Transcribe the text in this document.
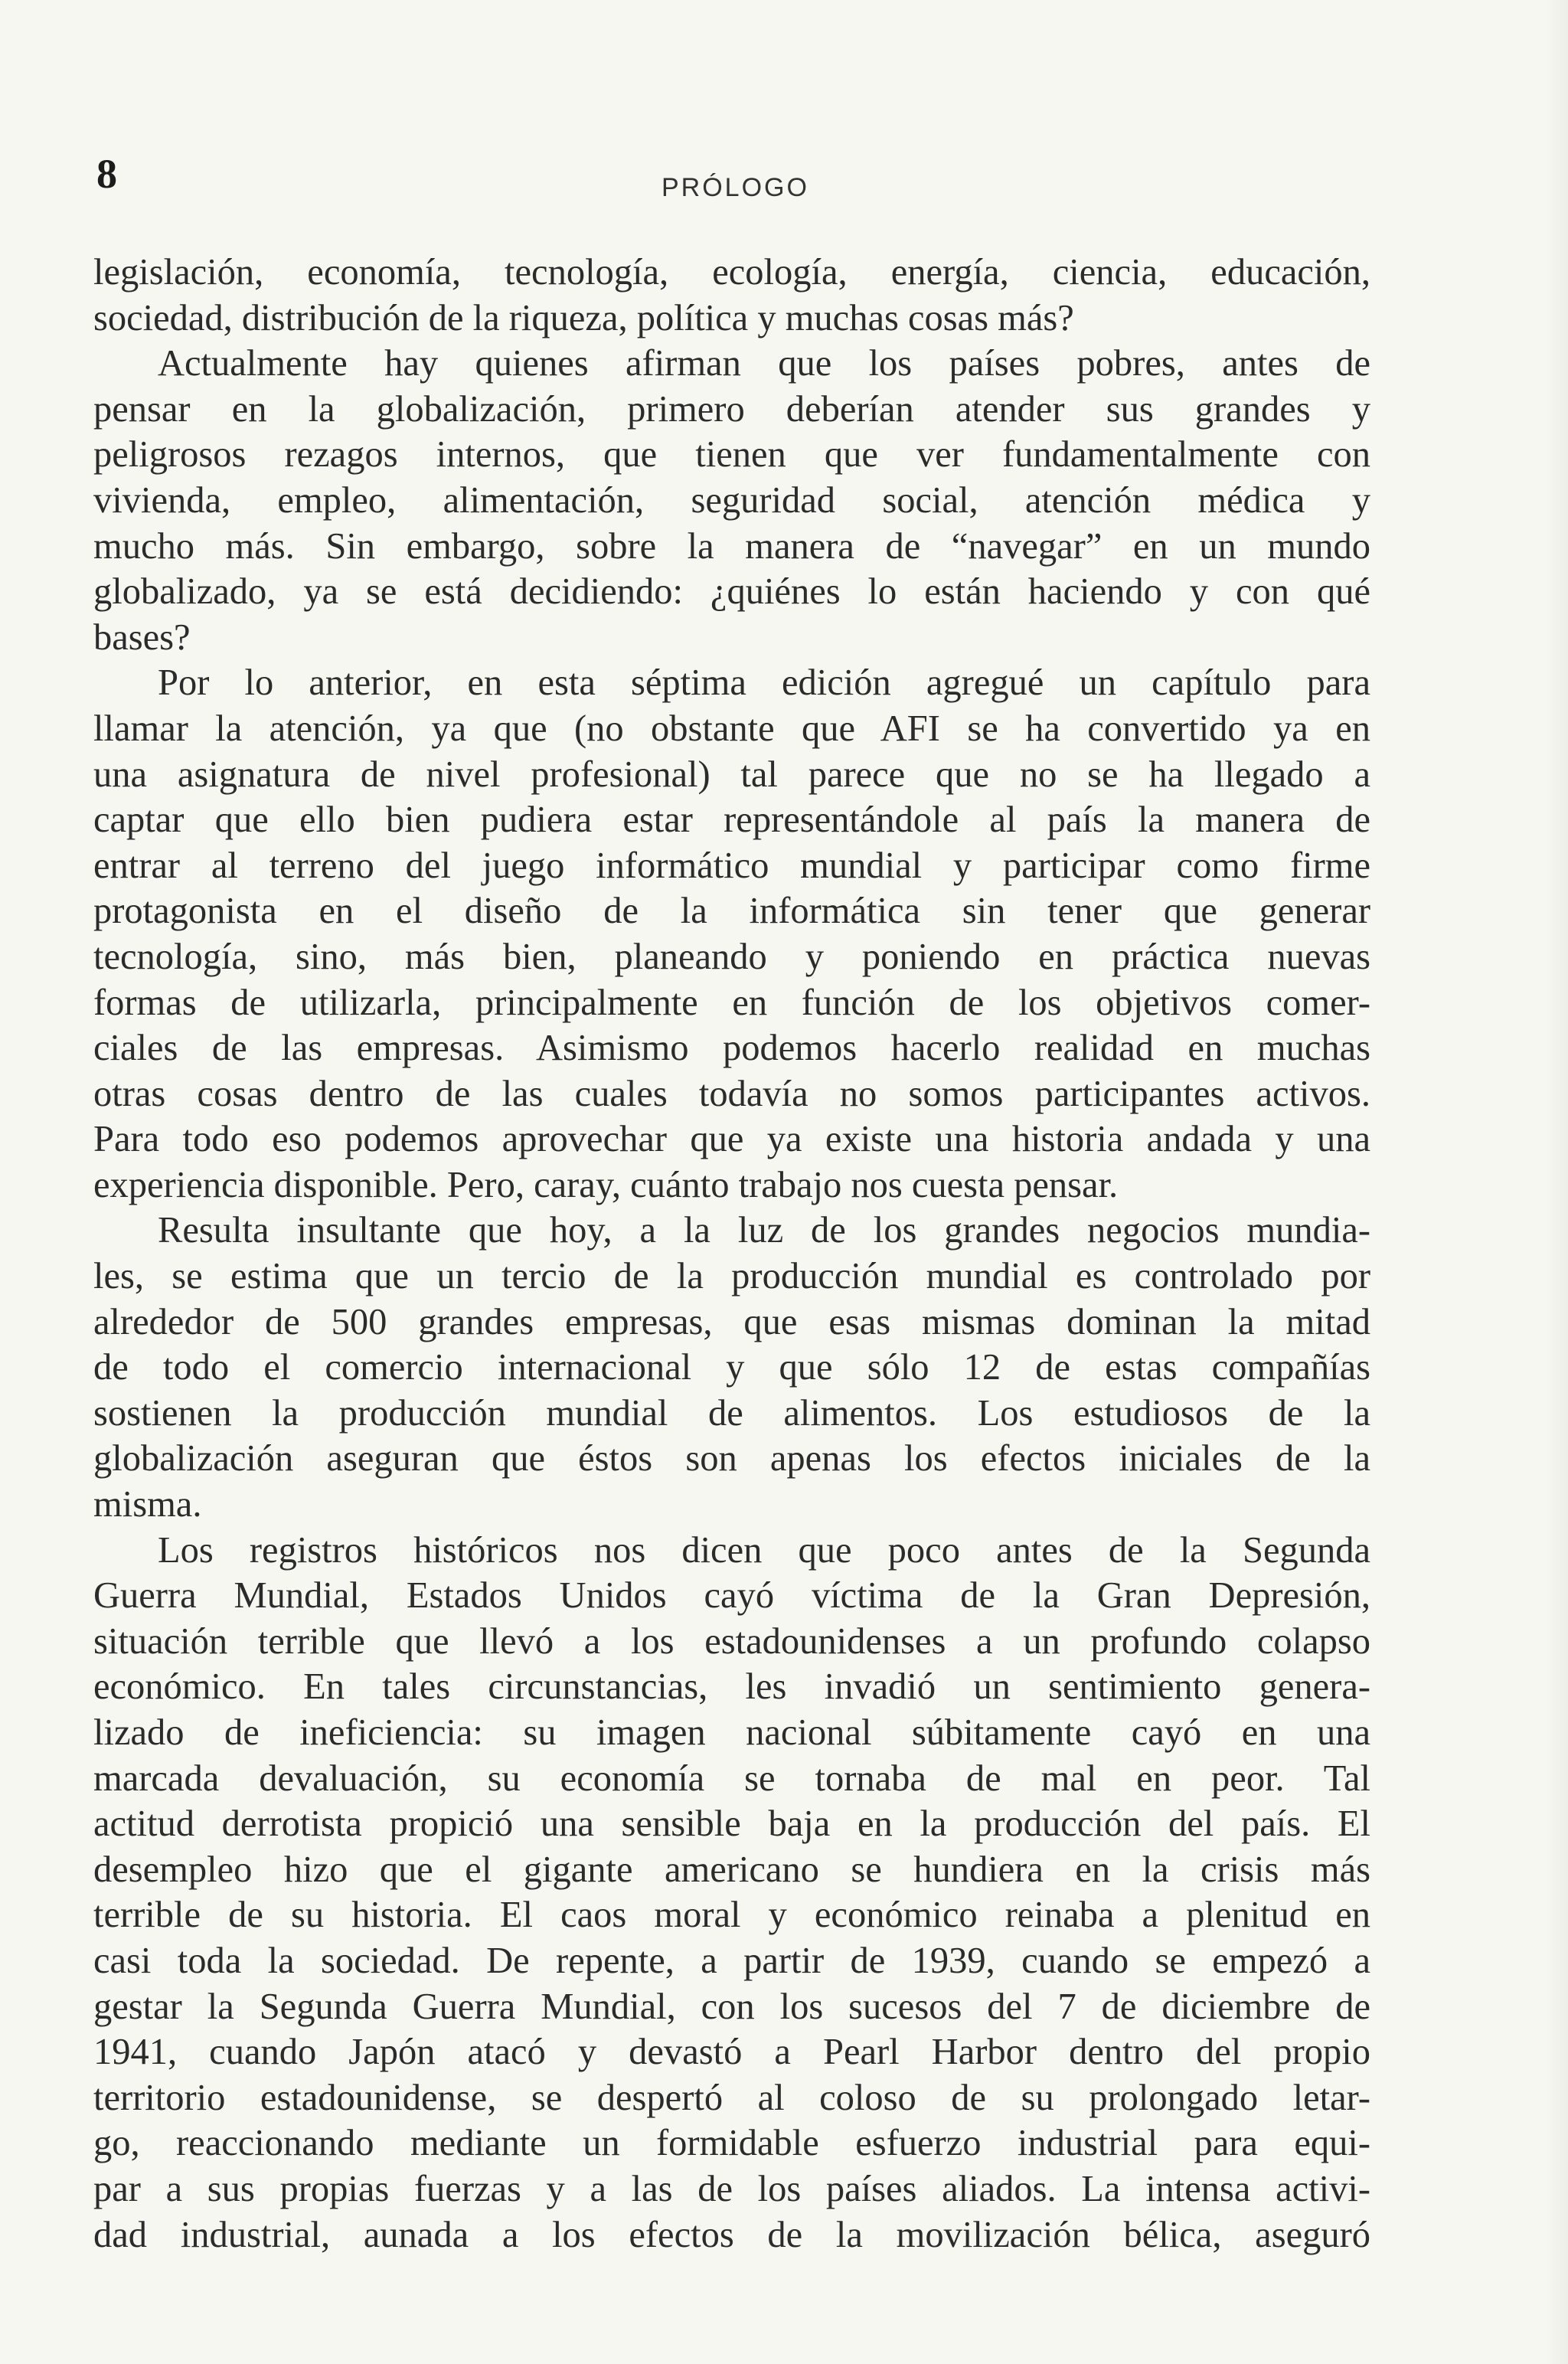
8	PRÓLOGO
legislación, economía, tecnología, ecología, energía, ciencia, educación,
sociedad, distribución de la riqueza, política y muchas cosas más?
Actualmente hay quienes afirman que los países pobres, antes de
pensar en la globalización, primero deberían atender sus grandes y
peligrosos rezagos internos, que tienen que ver fundamentalmente con
vivienda, empleo, alimentación, seguridad social, atención médica y
mucho más. Sin embargo, sobre la manera de “navegar” en un mundo
globalizado, ya se está decidiendo: ¿quiénes lo están haciendo y con qué
bases?
Por lo anterior, en esta séptima edición agregué un capítulo para
llamar la atención, ya que (no obstante que AFI se ha convertido ya en
una asignatura de nivel profesional) tal parece que no se ha llegado a
captar que ello bien pudiera estar representándole al país la manera de
entrar al terreno del juego informático mundial y participar como firme
protagonista en el diseño de la informática sin tener que generar
tecnología, sino, más bien, planeando y poniendo en práctica nuevas
formas de utilizarla, principalmente en función de los objetivos comer-
ciales de las empresas. Asimismo podemos hacerlo realidad en muchas
otras cosas dentro de las cuales todavía no somos participantes activos.
Para todo eso podemos aprovechar que ya existe una historia andada y una
experiencia disponible. Pero, caray, cuánto trabajo nos cuesta pensar.
Resulta insultante que hoy, a la luz de los grandes negocios mundia-
les, se estima que un tercio de la producción mundial es controlado por
alrededor de 500 grandes empresas, que esas mismas dominan la mitad
de todo el comercio internacional y que sólo 12 de estas compañías
sostienen la producción mundial de alimentos. Los estudiosos de la
globalización aseguran que éstos son apenas los efectos iniciales de la
misma.
Los registros históricos nos dicen que poco antes de la Segunda
Guerra Mundial, Estados Unidos cayó víctima de la Gran Depresión,
situación terrible que llevó a los estadounidenses a un profundo colapso
económico. En tales circunstancias, les invadió un sentimiento genera-
lizado de ineficiencia: su imagen nacional súbitamente cayó en una
marcada devaluación, su economía se tornaba de mal en peor. Tal
actitud derrotista propició una sensible baja en la producción del país. El
desempleo hizo que el gigante americano se hundiera en la crisis más
terrible de su historia. El caos moral y económico reinaba a plenitud en
casi toda la sociedad. De repente, a partir de 1939, cuando se empezó a
gestar la Segunda Guerra Mundial, con los sucesos del 7 de diciembre de
1941, cuando Japón atacó y devastó a Pearl Harbor dentro del propio
territorio estadounidense, se despertó al coloso de su prolongado letar-
go, reaccionando mediante un formidable esfuerzo industrial para equi-
par a sus propias fuerzas y a las de los países aliados. La intensa activi-
dad industrial, aunada a los efectos de la movilización bélica, aseguró
